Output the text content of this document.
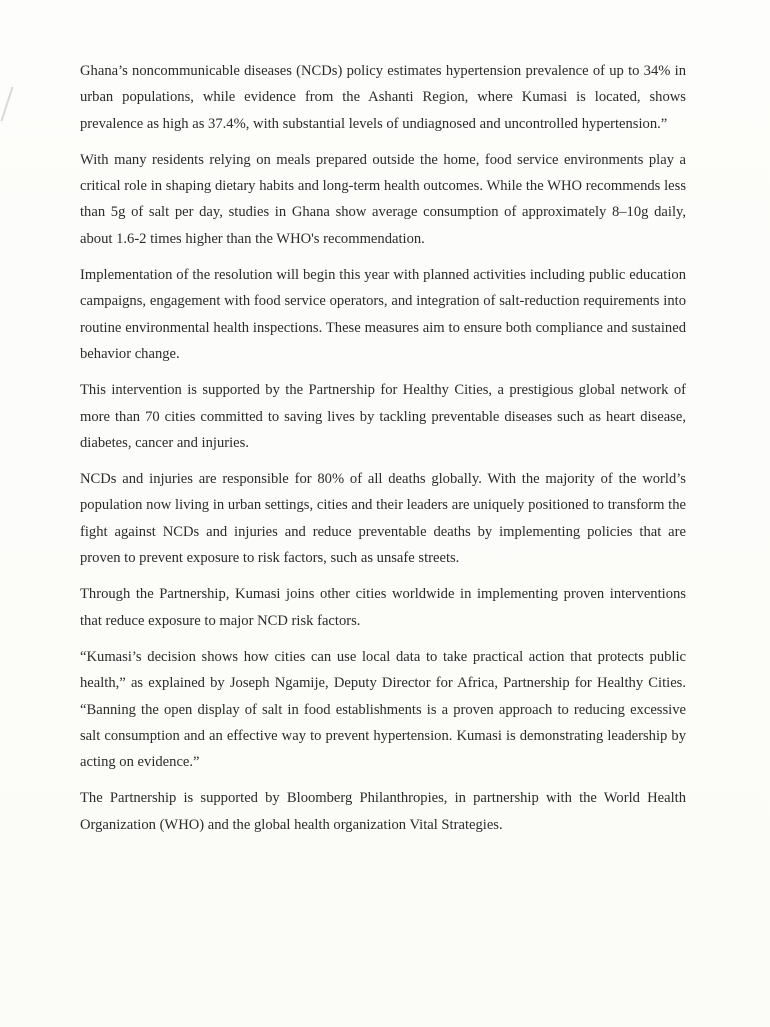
Ghana’s noncommunicable diseases (NCDs) policy estimates hypertension prevalence of up to 34% in urban populations, while evidence from the Ashanti Region, where Kumasi is located, shows prevalence as high as 37.4%, with substantial levels of undiagnosed and uncontrolled hypertension.”

With many residents relying on meals prepared outside the home, food service environments play a critical role in shaping dietary habits and long-term health outcomes. While the WHO recommends less than 5g of salt per day, studies in Ghana show average consumption of approximately 8–10g daily, about 1.6-2 times higher than the WHO's recommendation.

Implementation of the resolution will begin this year with planned activities including public education campaigns, engagement with food service operators, and integration of salt-reduction requirements into routine environmental health inspections. These measures aim to ensure both compliance and sustained behavior change.

This intervention is supported by the Partnership for Healthy Cities, a prestigious global network of more than 70 cities committed to saving lives by tackling preventable diseases such as heart disease, diabetes, cancer and injuries.

NCDs and injuries are responsible for 80% of all deaths globally. With the majority of the world’s population now living in urban settings, cities and their leaders are uniquely positioned to transform the fight against NCDs and injuries and reduce preventable deaths by implementing policies that are proven to prevent exposure to risk factors, such as unsafe streets.

Through the Partnership, Kumasi joins other cities worldwide in implementing proven interventions that reduce exposure to major NCD risk factors.

“Kumasi’s decision shows how cities can use local data to take practical action that protects public health,” as explained by Joseph Ngamije, Deputy Director for Africa, Partnership for Healthy Cities. “Banning the open display of salt in food establishments is a proven approach to reducing excessive salt consumption and an effective way to prevent hypertension. Kumasi is demonstrating leadership by acting on evidence.”

The Partnership is supported by Bloomberg Philanthropies, in partnership with the World Health Organization (WHO) and the global health organization Vital Strategies.
